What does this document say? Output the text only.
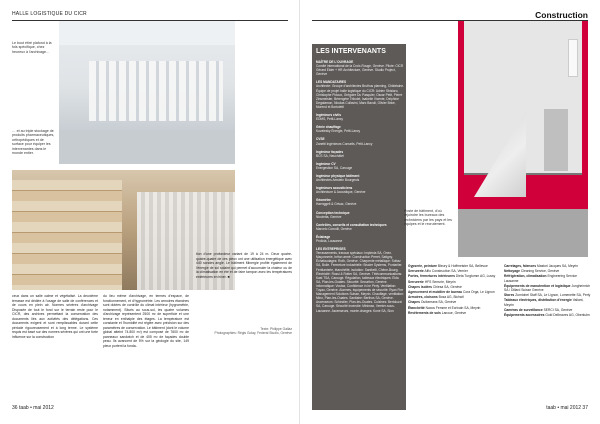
HALLE LOGISTIQUE DU CICR
Le bout étiré plafond à la fois spécifique, chez heureux à l'archivage…
… et au triple stockage de produits pharmaceutiques, orthopédiques et de surface pour équiper les intervenantes dans le monde entier.
Texte: Philippe Gallaz
Photographies: Régis Golay, Federal Studio, Genève
ceux dans un salle calme et végétalisé. La deuxième terrasse est dédiée à l'usage de salle de conférences et de cours en plein air. Normes sévères d'archivage Disposée de tout le fond sur le terrain reste pour le CICR, des archives permettant la conservation des documents liés aux activités des délégations. Ces documents exigent et sont remplissables durant cette période rigoureusement et à long terme. Le système requis est basé sur des normes sévères qui ont une forte influence sur la construction
du lieu même d'archivage, en termes d'espace, de fonctionnement, et d'hygrométrie. Les armoires étanches sont dotées de contrôle du climat intérieur (hygrométrie, notamment). Situés au sous-sol, les quatre volumes d'archivage représentent 2500 m² de superficie et une teneur en enthalpie des étages. La température est constante et l'humidité est réglée avec précision sur des paramètres de conservation. Le bâtiment (dont le volume global atteint 74.800 m³) est composé de 7600 m² de panneaux sandwich et de 405 m² de façades double peau. Ils avancent de 5% sur la géologie du site, 149 pieux portent la fonda-
tion d'une profondeur variant de 19 à 24 m. Deux quatre-quatre-quatre de ces pieux ont une utilisation énergétique avec 440 sondes angle. Le bâtiment Minergie profite également de l'énergie de sol solaire qui permet d'accumuler la chaleur ou de la climatisation en été et de faire tampon avec les températures extérieures en hiver. ■
36 taab • mai 2012
Construction
LES INTERVENANTS
MAÎTRE DE L'OUVRAGE
Comité international de la Croix-Rouge, Genève. Pilote: CICR Gérard Elder + HR Architecture, Genève. Studio Project, Genève
LES MANDATAIRES
Architecte: Groupe d'architectes Bruthus planning, Châtelaine. Équipe de projet halle logistique du CICR: Adrien Sbisiaro, Christophe Pidoux, Grégoire Du Pasquier, Oscar Petit, Pierre Zinsmeister, Bérengère Tribolet, Isabelle Vicente, Delphine Degalamon, Nicolas Collavini, Marc Bavoli, Olivier Brice, Morend et Bortoletti
Ingénieurs civils
EDMS, Petit-Lancy
Génie chauffage
Kovalesky Énergie, Petit-Lancy
CVSE
Zanetti Ingénieurs Conseils, Petit-Lancy
Ingénieur façades
BCS SA, Neuchâtel
Ingénieur CV
Energestion SA, Carouge
Ingénieur physique bâtiment
Architectes Amstein Bourgeois
Ingénieurs acousticiens
Architecture & Acoustique, Genève
Géomètre
Haenggeli & Grivaz, Genève
Conception technique
Nicoletta, Genève
Contrôles, conseils et consultation techniques
Marcelo Comolli, Genève
Éclairage
Prolicia, Lausanne
LES ENTREPRISES
Terrassements, travaux spéciaux: Implenia SA, Onex. Maçonnerie, béton armé: Construction Perret, Satigny. Échafaudages: Roth, Genève. Charpente métallique: Sottaz SA, Bulle. Fermeture industrielle: Bruder Systems, Pontarlier. Ferblanterie, étanchéité, isolation: Sanibelli, Chêne-Bourg. Électricité: Rossi & Rotter SA, Genève. Télécommunications: Kast TSA, Carouge. Régulation, tableaux électriques: Elda SA, Plan-les-Ouates. Sécurité: Securiton, Genève. Informatique: Voutaz, Confidence in he Perly. Ventilation: Tuyau, Genève. Alarmes, équipements de sécurité: Ryan Fire Management Solutions Suisse, Meyrin. Chauffage, ventilation: Mino, Plan-les-Ouates. Sanitaire: Berthos SA, Genève. Ascenseurs: Schindler, Plan-les-Ouates. Cuisines: Bertoluzzi SA, Carouge. Sécurité incendie: Minimax, Vernier-sous-Lausanne. Ascenseurs, monte-charges: Kone SA, Sion
Poste de bâtiment, d'où rejoindre les bureaux des techniciens par les pays et les équipes et le recrutement.
Gypserie, peinture Bleury & Hoffmeister SA, Bellevue
Serrurerie Alfio Construction SA, Vernier
Portes, fermetures intérieures Dieta Turgtomm AG, Lussy
Serrurerie HFS Serrurie, Meyrin
Chapes isolées Chiesa SA, Genève
Agencement et mobilier de bureau Cora Orga, Le Lignon
Armoires, cloisons Bosa AG, Bichwil
Chapes Ouikemans SA, Genève
Étanchéité Naxos Femme et Ecrivain SA, Meyrin
Revêtements de sols Lanoue, Genève
Carrelages, faïences Mastori Jacques SA, Meyrin
Nettoyage Cleaning Service, Genève
Réfrigération, climatisation Engineering Service Lausanne
Équipements de manutention et logistique Jungheinrich SA / Dillard Suisse Genève
Stores Zumtobel Staff SA, Le Lignon, Lumenette SA, Perly
Tableaux électriques, distribution d'énergie Valiant, Meyrin
Caméras de surveillance SERCI SA, Genève
Équipements accessoires Gold Delbraves AG, Oberkulm
taab • mai 2012 37
